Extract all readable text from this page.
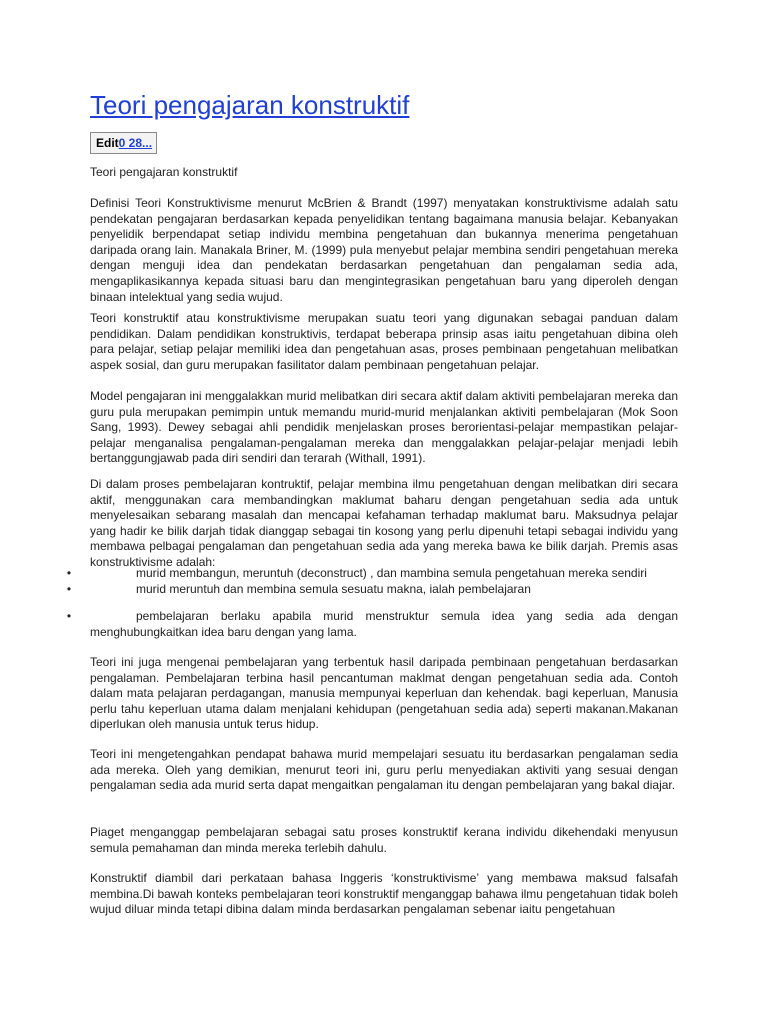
Teori pengajaran konstruktif
Edit0 28...

Teori pengajaran konstruktif

Definisi Teori Konstruktivisme menurut McBrien & Brandt (1997) menyatakan konstruktivisme adalah satu pendekatan pengajaran berdasarkan kepada penyelidikan tentang bagaimana manusia belajar. Kebanyakan penyelidik berpendapat setiap individu membina pengetahuan dan bukannya menerima pengetahuan daripada orang lain. Manakala Briner, M. (1999) pula menyebut pelajar membina sendiri pengetahuan mereka dengan menguji idea dan pendekatan berdasarkan pengetahuan dan pengalaman sedia ada, mengaplikasikannya kepada situasi baru dan mengintegrasikan pengetahuan baru yang diperoleh dengan binaan intelektual yang sedia wujud.

Teori konstruktif atau konstruktivisme merupakan suatu teori yang digunakan sebagai panduan dalam pendidikan. Dalam pendidikan konstruktivis, terdapat beberapa prinsip asas iaitu pengetahuan dibina oleh para pelajar, setiap pelajar memiliki idea dan pengetahuan asas, proses pembinaan pengetahuan melibatkan aspek sosial, dan guru merupakan fasilitator dalam pembinaan pengetahuan pelajar.

Model pengajaran ini menggalakkan murid melibatkan diri secara aktif dalam aktiviti pembelajaran mereka dan guru pula merupakan pemimpin untuk memandu murid-murid menjalankan aktiviti pembelajaran (Mok Soon Sang, 1993). Dewey sebagai ahli pendidik menjelaskan proses berorientasi-pelajar mempastikan pelajar-pelajar menganalisa pengalaman-pengalaman mereka dan menggalakkan pelajar-pelajar menjadi lebih bertanggungjawab pada diri sendiri dan terarah (Withall, 1991).

Di dalam proses pembelajaran kontruktif, pelajar membina ilmu pengetahuan dengan melibatkan diri secara aktif, menggunakan cara membandingkan maklumat baharu dengan pengetahuan sedia ada untuk menyelesaikan sebarang masalah dan mencapai kefahaman terhadap maklumat baru. Maksudnya pelajar yang hadir ke bilik darjah tidak dianggap sebagai tin kosong yang perlu dipenuhi tetapi sebagai individu yang membawa pelbagai pengalaman dan pengetahuan sedia ada yang mereka bawa ke bilik darjah. Premis asas konstruktivisme adalah:

•	murid membangun, meruntuh (deconstruct) , dan mambina semula pengetahuan mereka sendiri
•	murid meruntuh dan membina semula sesuatu makna, ialah pembelajaran
•	pembelajaran berlaku apabila murid menstruktur semula idea yang sedia ada dengan menghubungkaitkan idea baru dengan yang lama.

Teori ini juga mengenai pembelajaran yang terbentuk hasil daripada pembinaan pengetahuan berdasarkan pengalaman. Pembelajaran terbina hasil pencantuman maklmat dengan pengetahuan sedia ada. Contoh dalam mata pelajaran perdagangan, manusia mempunyai keperluan dan kehendak. bagi keperluan, Manusia perlu tahu keperluan utama dalam menjalani kehidupan (pengetahuan sedia ada) seperti makanan.Makanan diperlukan oleh manusia untuk terus hidup.

Teori ini mengetengahkan pendapat bahawa murid mempelajari sesuatu itu berdasarkan pengalaman sedia ada mereka. Oleh yang demikian, menurut teori ini, guru perlu menyediakan aktiviti yang sesuai dengan pengalaman sedia ada murid serta dapat mengaitkan pengalaman itu dengan pembelajaran yang bakal diajar.

Piaget menganggap pembelajaran sebagai satu proses konstruktif kerana individu dikehendaki menyusun semula pemahaman dan minda mereka terlebih dahulu.

Konstruktif diambil dari perkataan bahasa Inggeris ‘konstruktivisme’ yang membawa maksud falsafah membina.Di bawah konteks pembelajaran teori konstruktif menganggap bahawa ilmu pengetahuan tidak boleh wujud diluar minda tetapi dibina dalam minda berdasarkan pengalaman sebenar iaitu pengetahuan
